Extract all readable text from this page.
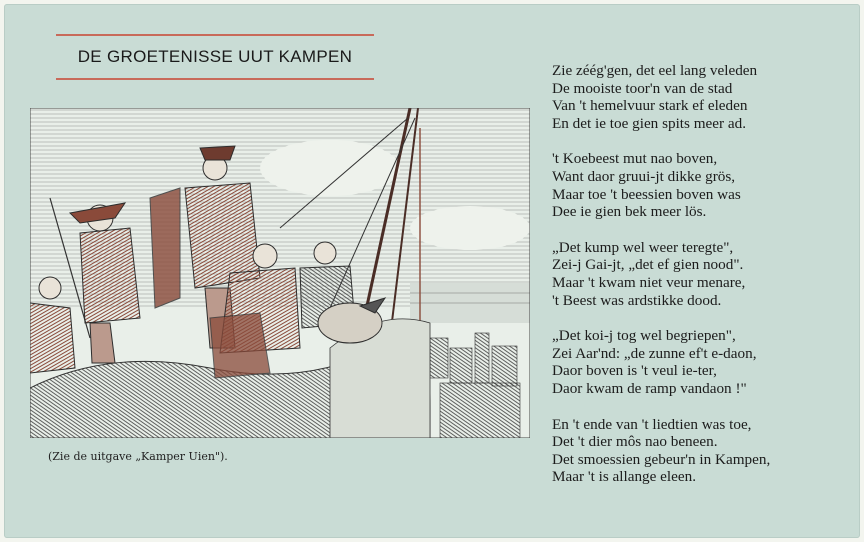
DE GROETENISSE UUT KAMPEN
(Zie de uitgave „Kamper Uien").
Zie zéég'gen, det eel lang veleden
De mooiste toor'n van de stad
Van 't hemelvuur stark ef eleden
En det ie toe gien spits meer ad.
't Koebeest mut nao boven,
Want daor gruui-jt dikke grös,
Maar toe 't beessien boven was
Dee ie gien bek meer lös.
„Det kump wel weer teregte",
Zei-j Gai-jt, „det ef gien nood".
Maar 't kwam niet veur menare,
't Beest was ardstikke dood.
„Det koi-j tog wel begriepen",
Zei Aar'nd: „de zunne ef't e-daon,
Daor boven is 't veul ie-ter,
Daor kwam de ramp vandaon !"
En 't ende van 't liedtien was toe,
Det 't dier môs nao beneen.
Det smoessien gebeur'n in Kampen,
Maar 't is allange eleen.
